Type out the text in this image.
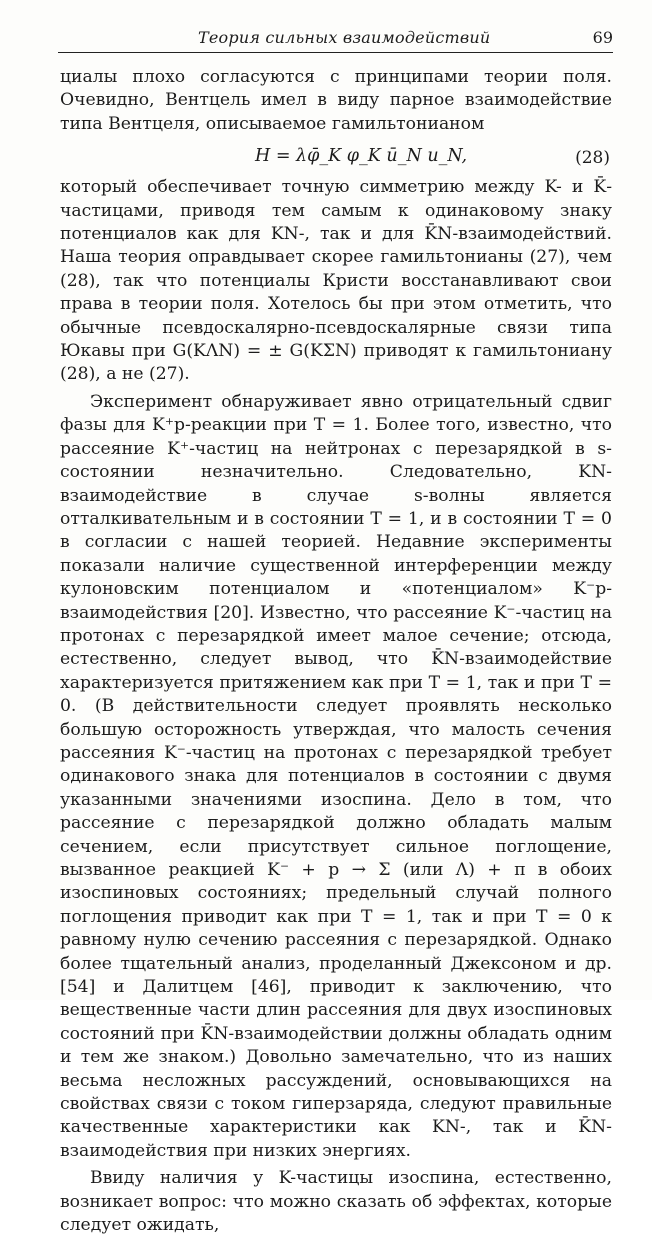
Теория сильных взаимодействий	69

циалы плохо согласуются с принципами теории поля. Очевидно, Вентцель имел в виду парное взаимодействие типа Вентцеля, описываемое гамильтонианом

H = λφ̄_K φ_K ū_N u_N,	(28)

который обеспечивает точную симметрию между K- и K̄-частицами, приводя тем самым к одинаковому знаку потенциалов как для KN-, так и для K̄N-взаимодействий. Наша теория оправдывает скорее гамильтонианы (27), чем (28), так что потенциалы Кристи восстанавливают свои права в теории поля. Хотелось бы при этом отметить, что обычные псевдоскалярно-псевдоскалярные связи типа Юкавы при G(KΛN) = ± G(KΣN) приводят к гамильтониану (28), а не (27).

Эксперимент обнаруживает явно отрицательный сдвиг фазы для K⁺p-реакции при T = 1. Более того, известно, что рассеяние K⁺-частиц на нейтронах с перезарядкой в s-состоянии незначительно. Следовательно, KN-взаимодействие в случае s-волны является отталкивательным и в состоянии T = 1, и в состоянии T = 0 в согласии с нашей теорией. Недавние эксперименты показали наличие существенной интерференции между кулоновским потенциалом и «потенциалом» K⁻p-взаимодействия [20]. Известно, что рассеяние K⁻-частиц на протонах с перезарядкой имеет малое сечение; отсюда, естественно, следует вывод, что K̄N-взаимодействие характеризуется притяжением как при T = 1, так и при T = 0. (В действительности следует проявлять несколько большую осторожность утверждая, что малость сечения рассеяния K⁻-частиц на протонах с перезарядкой требует одинакового знака для потенциалов в состоянии с двумя указанными значениями изоспина. Дело в том, что рассеяние с перезарядкой должно обладать малым сечением, если присутствует сильное поглощение, вызванное реакцией K⁻ + p → Σ (или Λ) + π в обоих изоспиновых состояниях; предельный случай полного поглощения приводит как при T = 1, так и при T = 0 к равному нулю сечению рассеяния с перезарядкой. Однако более тщательный анализ, проделанный Джексоном и др. [54] и Далитцем [46], приводит к заключению, что вещественные части длин рассеяния для двух изоспиновых состояний при K̄N-взаимодействии должны обладать одним и тем же знаком.) Довольно замечательно, что из наших весьма несложных рассуждений, основывающихся на свойствах связи с током гиперзаряда, следуют правильные качественные характеристики как KN-, так и K̄N-взаимодействия при низких энергиях.

Ввиду наличия у K-частицы изоспина, естественно, возникает вопрос: что можно сказать об эффектах, которые следует ожидать,
